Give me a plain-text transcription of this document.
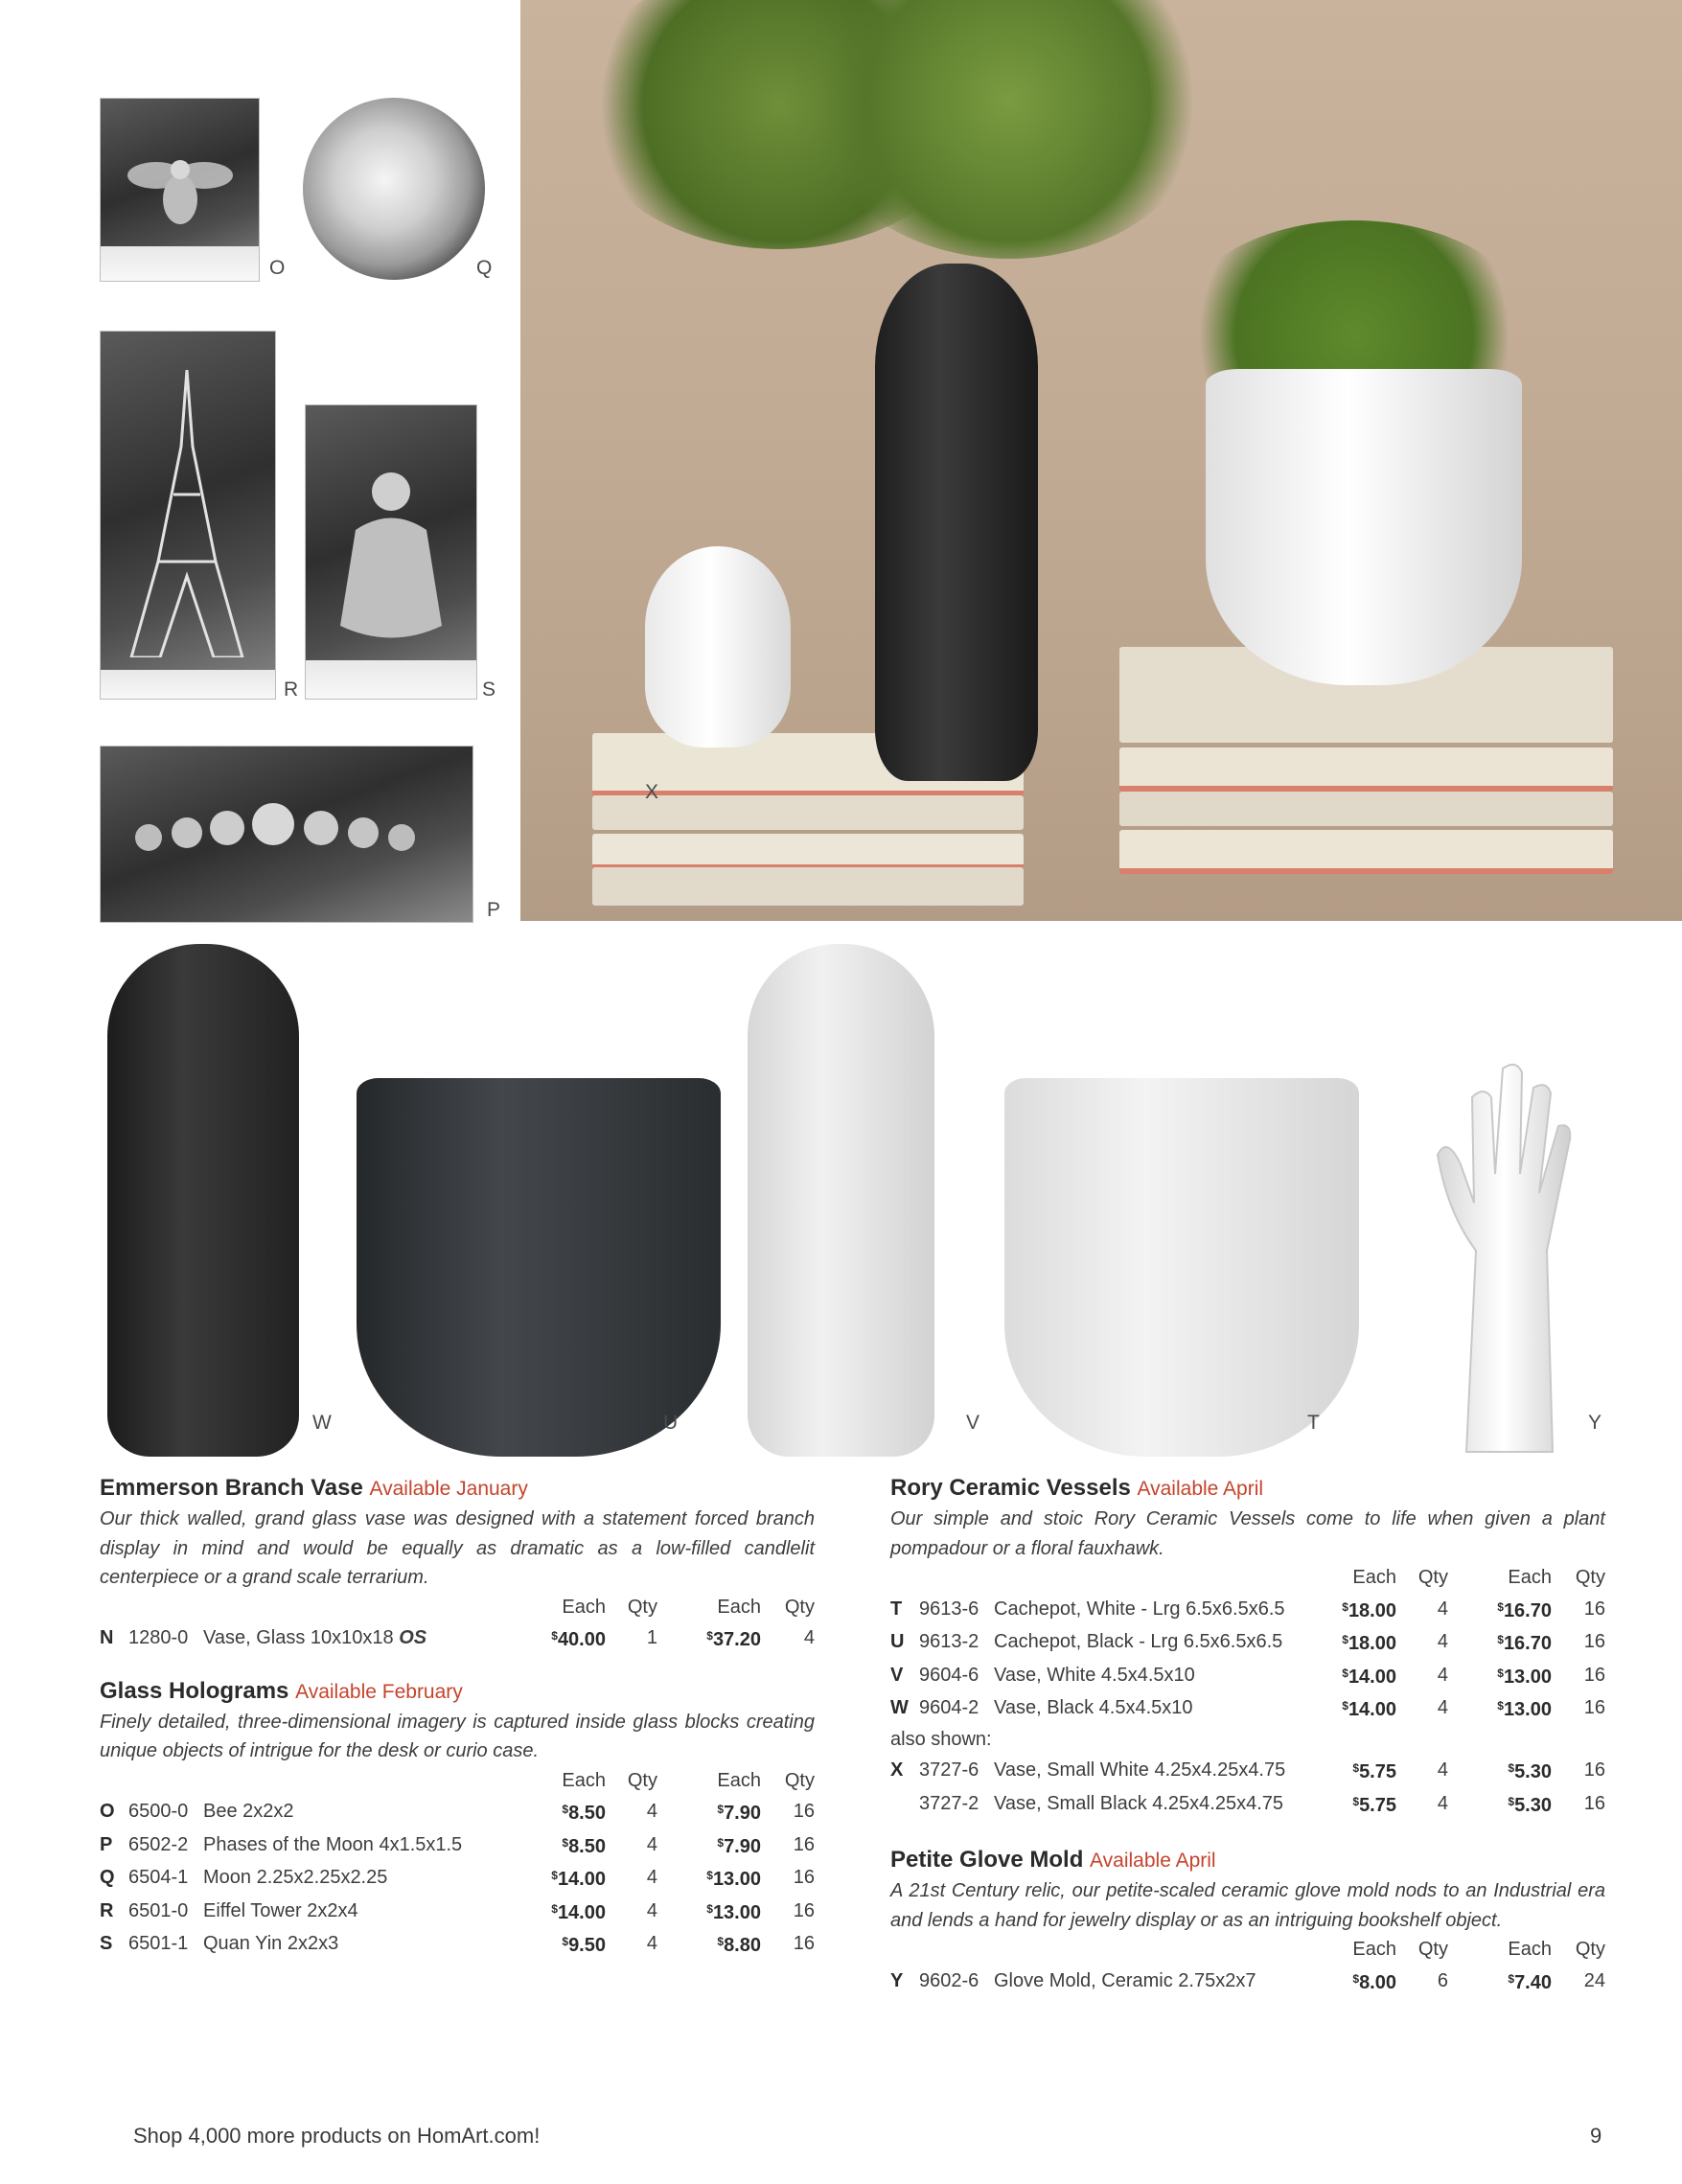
O	Q
R	S
P
X
W	U	V	T	Y
Emmerson Branch Vase Available January

Our thick walled, grand glass vase was designed with a statement forced branch display in mind and would be equally as dramatic as a low-filled candlelit centerpiece or a grand scale terrarium.

			Each	Qty	Each	Qty
N	1280-0	Vase, Glass 10x10x18 OS	$40.00	1	$37.20	4
Glass Holograms Available February

Finely detailed, three-dimensional imagery is captured inside glass blocks creating unique objects of intrigue for the desk or curio case.

			Each	Qty	Each	Qty
O	6500-0	Bee 2x2x2	$8.50	4	$7.90	16
P	6502-2	Phases of the Moon 4x1.5x1.5	$8.50	4	$7.90	16
Q	6504-1	Moon 2.25x2.25x2.25	$14.00	4	$13.00	16
R	6501-0	Eiffel Tower 2x2x4	$14.00	4	$13.00	16
S	6501-1	Quan Yin 2x2x3	$9.50	4	$8.80	16
Rory Ceramic Vessels Available April

Our simple and stoic Rory Ceramic Vessels come to life when given a plant pompadour or a floral fauxhawk.

			Each	Qty	Each	Qty
T	9613-6	Cachepot, White - Lrg 6.5x6.5x6.5	$18.00	4	$16.70	16
U	9613-2	Cachepot, Black - Lrg 6.5x6.5x6.5	$18.00	4	$16.70	16
V	9604-6	Vase, White 4.5x4.5x10	$14.00	4	$13.00	16
W	9604-2	Vase, Black 4.5x4.5x10	$14.00	4	$13.00	16
also shown:						
X	3727-6	Vase, Small White 4.25x4.25x4.75	$5.75	4	$5.30	16
	3727-2	Vase, Small Black 4.25x4.25x4.75	$5.75	4	$5.30	16
Petite Glove Mold Available April

A 21st Century relic, our petite-scaled ceramic glove mold nods to an Industrial era and lends a hand for jewelry display or as an intriguing bookshelf object.

			Each	Qty	Each	Qty
Y	9602-6	Glove Mold, Ceramic 2.75x2x7	$8.00	6	$7.40	24
Shop 4,000 more products on HomArt.com!	9
